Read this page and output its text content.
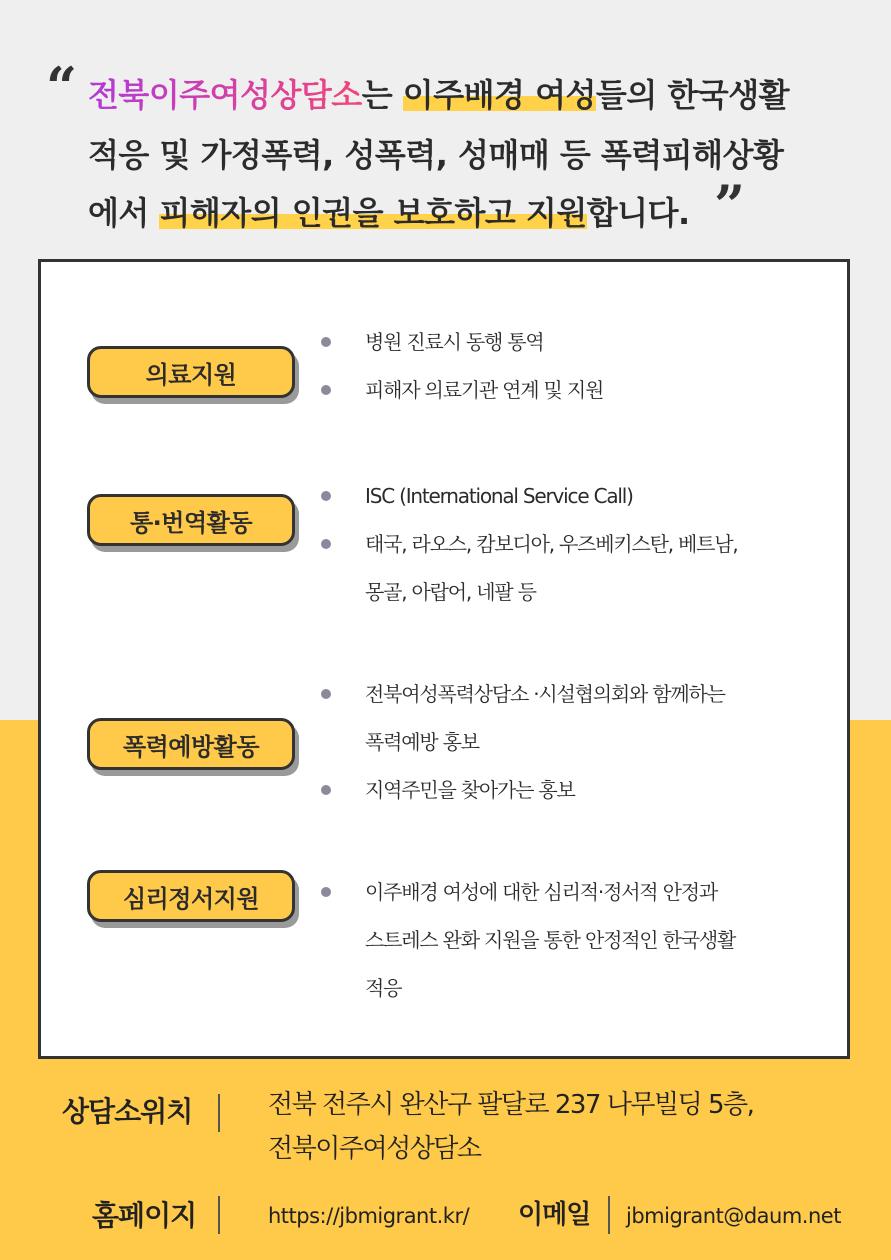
“ 전북이주여성상담소는 이주배경 여성들의 한국생활
적응 및 가정폭력, 성폭력, 성매매 등 폭력피해상황
에서 피해자의 인권을 보호하고 지원합니다. ”
의료지원
병원 진료시 동행 통역
피해자 의료기관 연계 및 지원
통·번역활동
ISC (International Service Call)
태국, 라오스, 캄보디아, 우즈베키스탄, 베트남,
몽골, 아랍어, 네팔 등
폭력예방활동
전북여성폭력상담소 ·시설협의회와 함께하는
폭력예방 홍보
지역주민을 찾아가는 홍보
심리정서지원	이주배경 여성에 대한 심리적·정서적 안정과
스트레스 완화 지원을 통한 안정적인 한국생활
적응
상담소위치	전북 전주시 완산구 팔달로 237 나무빌딩 5층,
전북이주여성상담소
홈페이지	https://jbmigrant.kr/ 이메일 jbmigrant@daum.net
